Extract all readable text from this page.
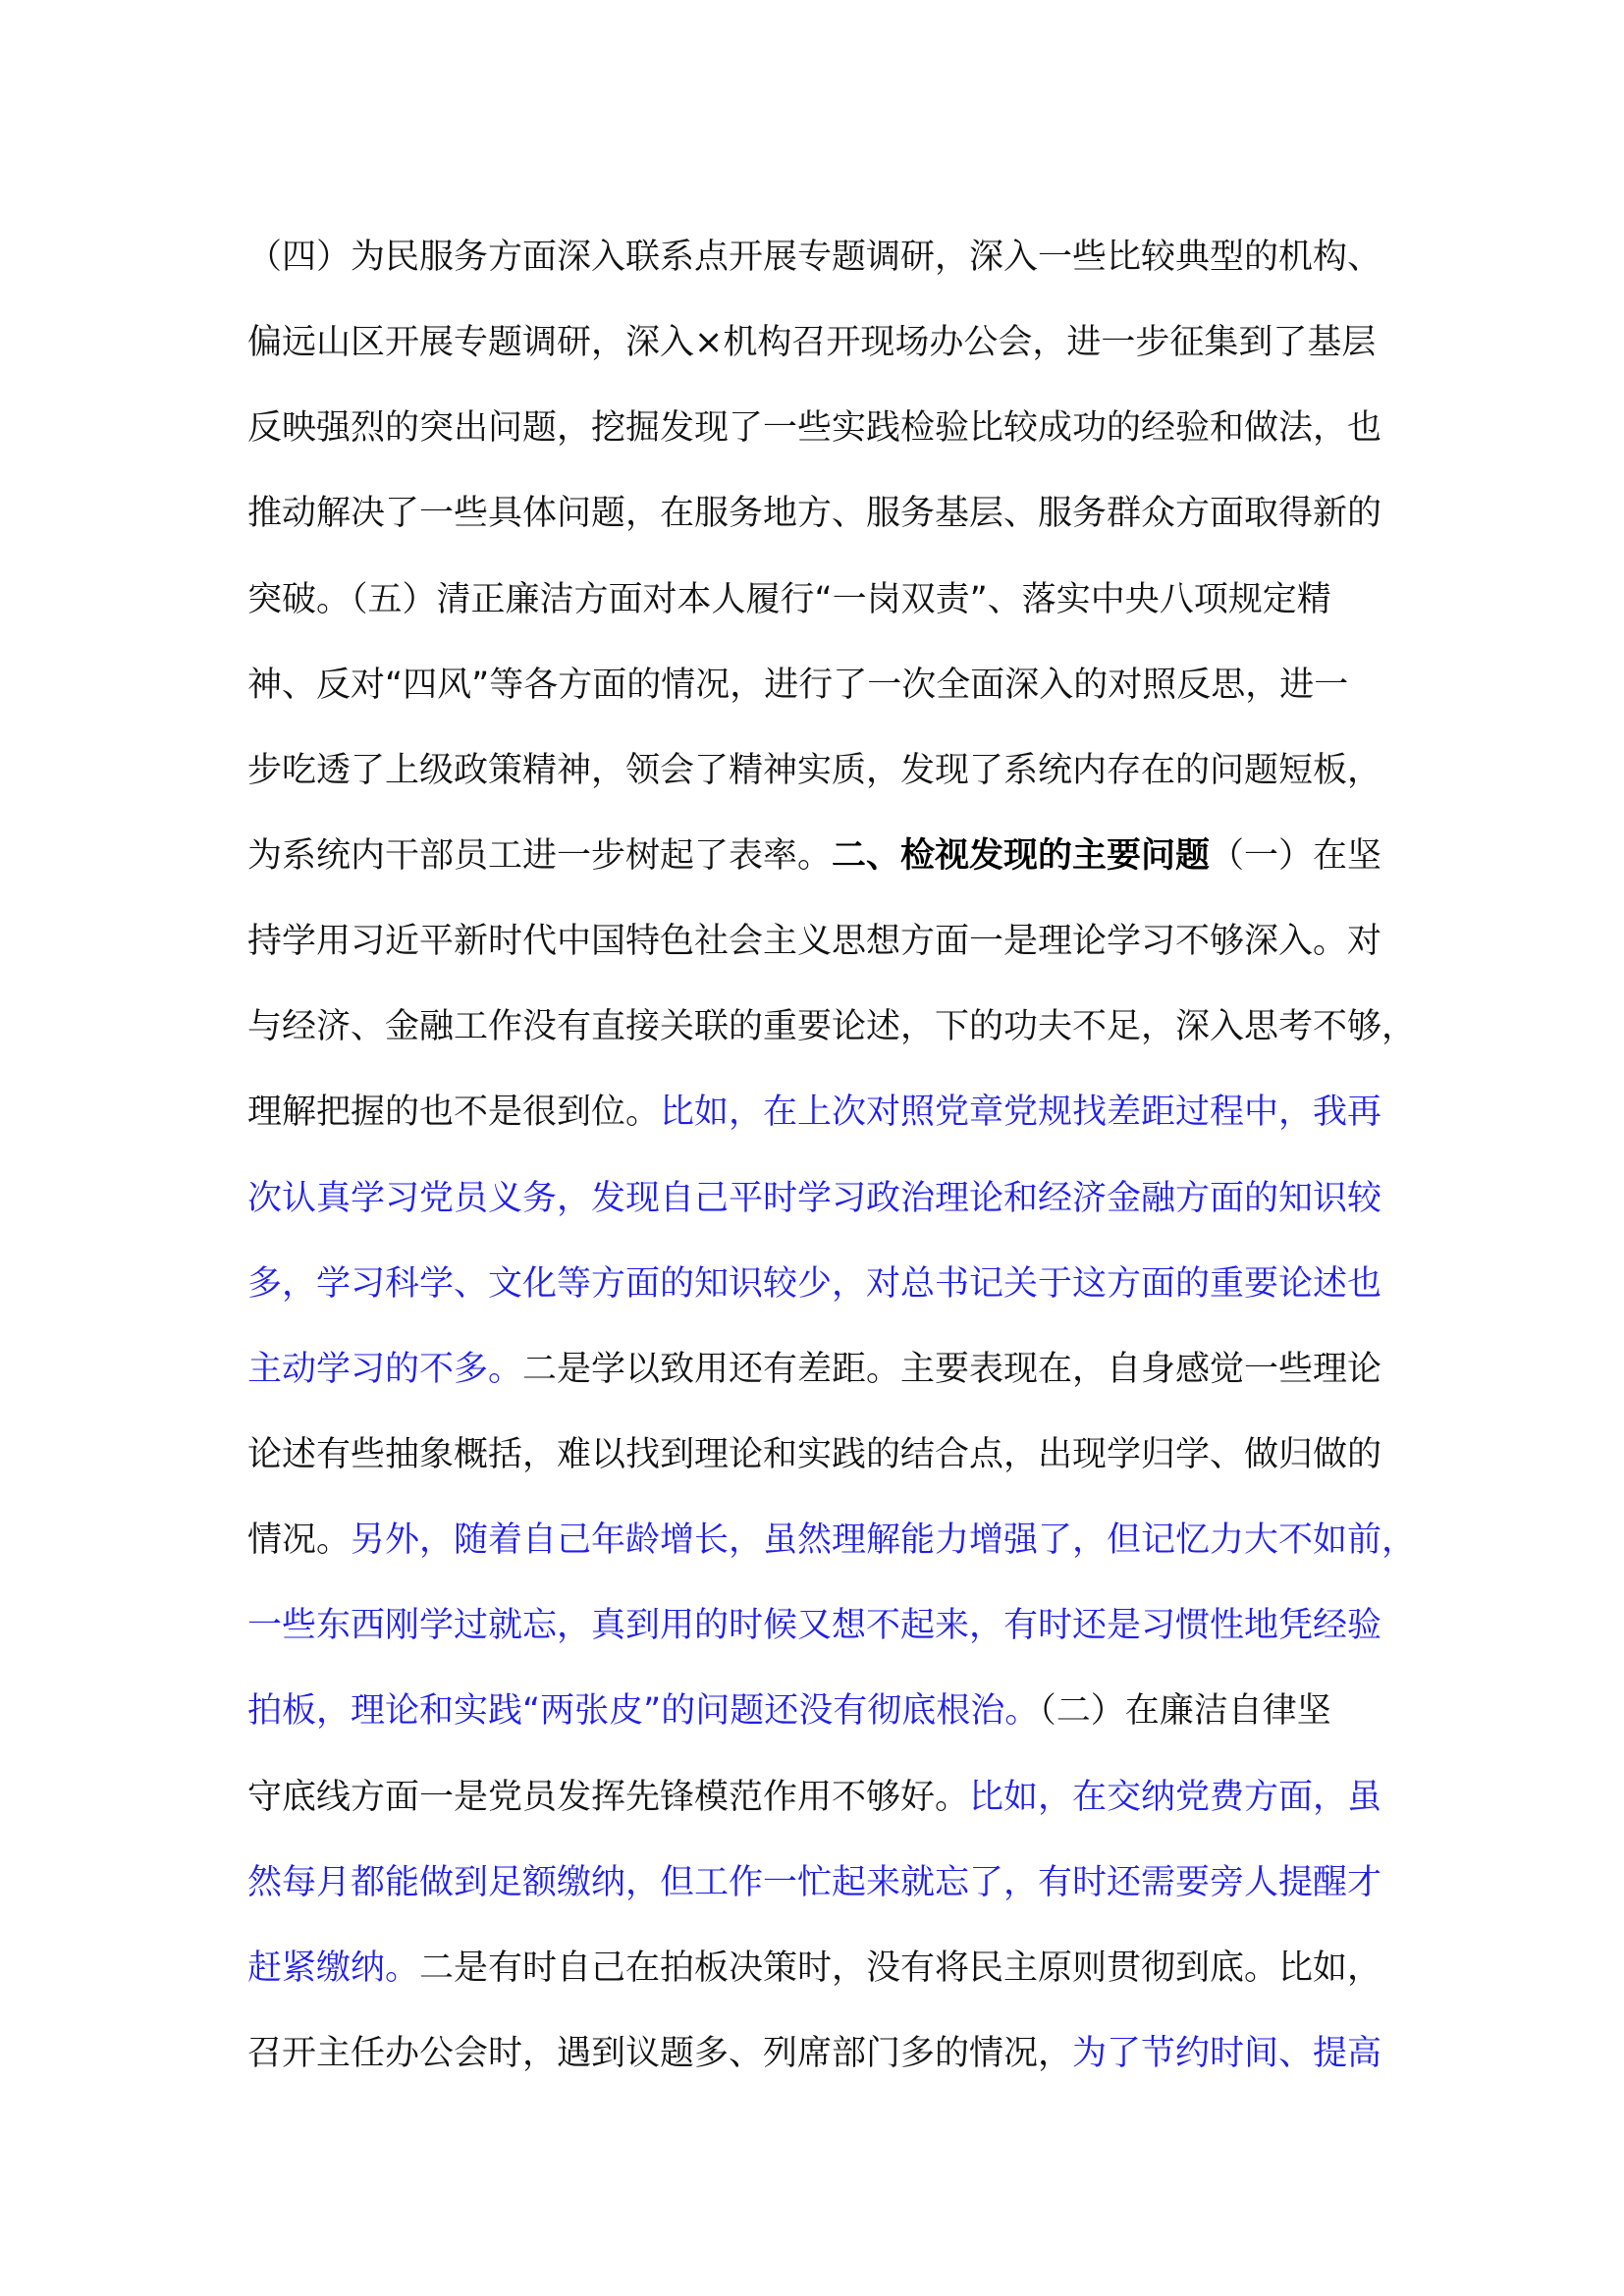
（四）为民服务方面深入联系点开展专题调研，深入一些比较典型的机构、
偏远山区开展专题调研，深入×机构召开现场办公会，进一步征集到了基层
反映强烈的突出问题，挖掘发现了一些实践检验比较成功的经验和做法，也
推动解决了一些具体问题，在服务地方、服务基层、服务群众方面取得新的
突破。（五）清正廉洁方面对本人履行“一岗双责”、落实中央八项规定精
神、反对“四风”等各方面的情况，进行了一次全面深入的对照反思，进一
步吃透了上级政策精神，领会了精神实质，发现了系统内存在的问题短板，
为系统内干部员工进一步树起了表率。二、检视发现的主要问题（一）在坚
持学用习近平新时代中国特色社会主义思想方面一是理论学习不够深入。对
与经济、金融工作没有直接关联的重要论述，下的功夫不足，深入思考不够，
理解把握的也不是很到位。比如，在上次对照党章党规找差距过程中，我再
次认真学习党员义务，发现自己平时学习政治理论和经济金融方面的知识较
多，学习科学、文化等方面的知识较少，对总书记关于这方面的重要论述也
主动学习的不多。二是学以致用还有差距。主要表现在，自身感觉一些理论
论述有些抽象概括，难以找到理论和实践的结合点，出现学归学、做归做的
情况。另外，随着自己年龄增长，虽然理解能力增强了，但记忆力大不如前，
一些东西刚学过就忘，真到用的时候又想不起来，有时还是习惯性地凭经验
拍板，理论和实践“两张皮”的问题还没有彻底根治。（二）在廉洁自律坚
守底线方面一是党员发挥先锋模范作用不够好。比如，在交纳党费方面，虽
然每月都能做到足额缴纳，但工作一忙起来就忘了，有时还需要旁人提醒才
赶紧缴纳。二是有时自己在拍板决策时，没有将民主原则贯彻到底。比如，
召开主任办公会时，遇到议题多、列席部门多的情况，为了节约时间、提高
